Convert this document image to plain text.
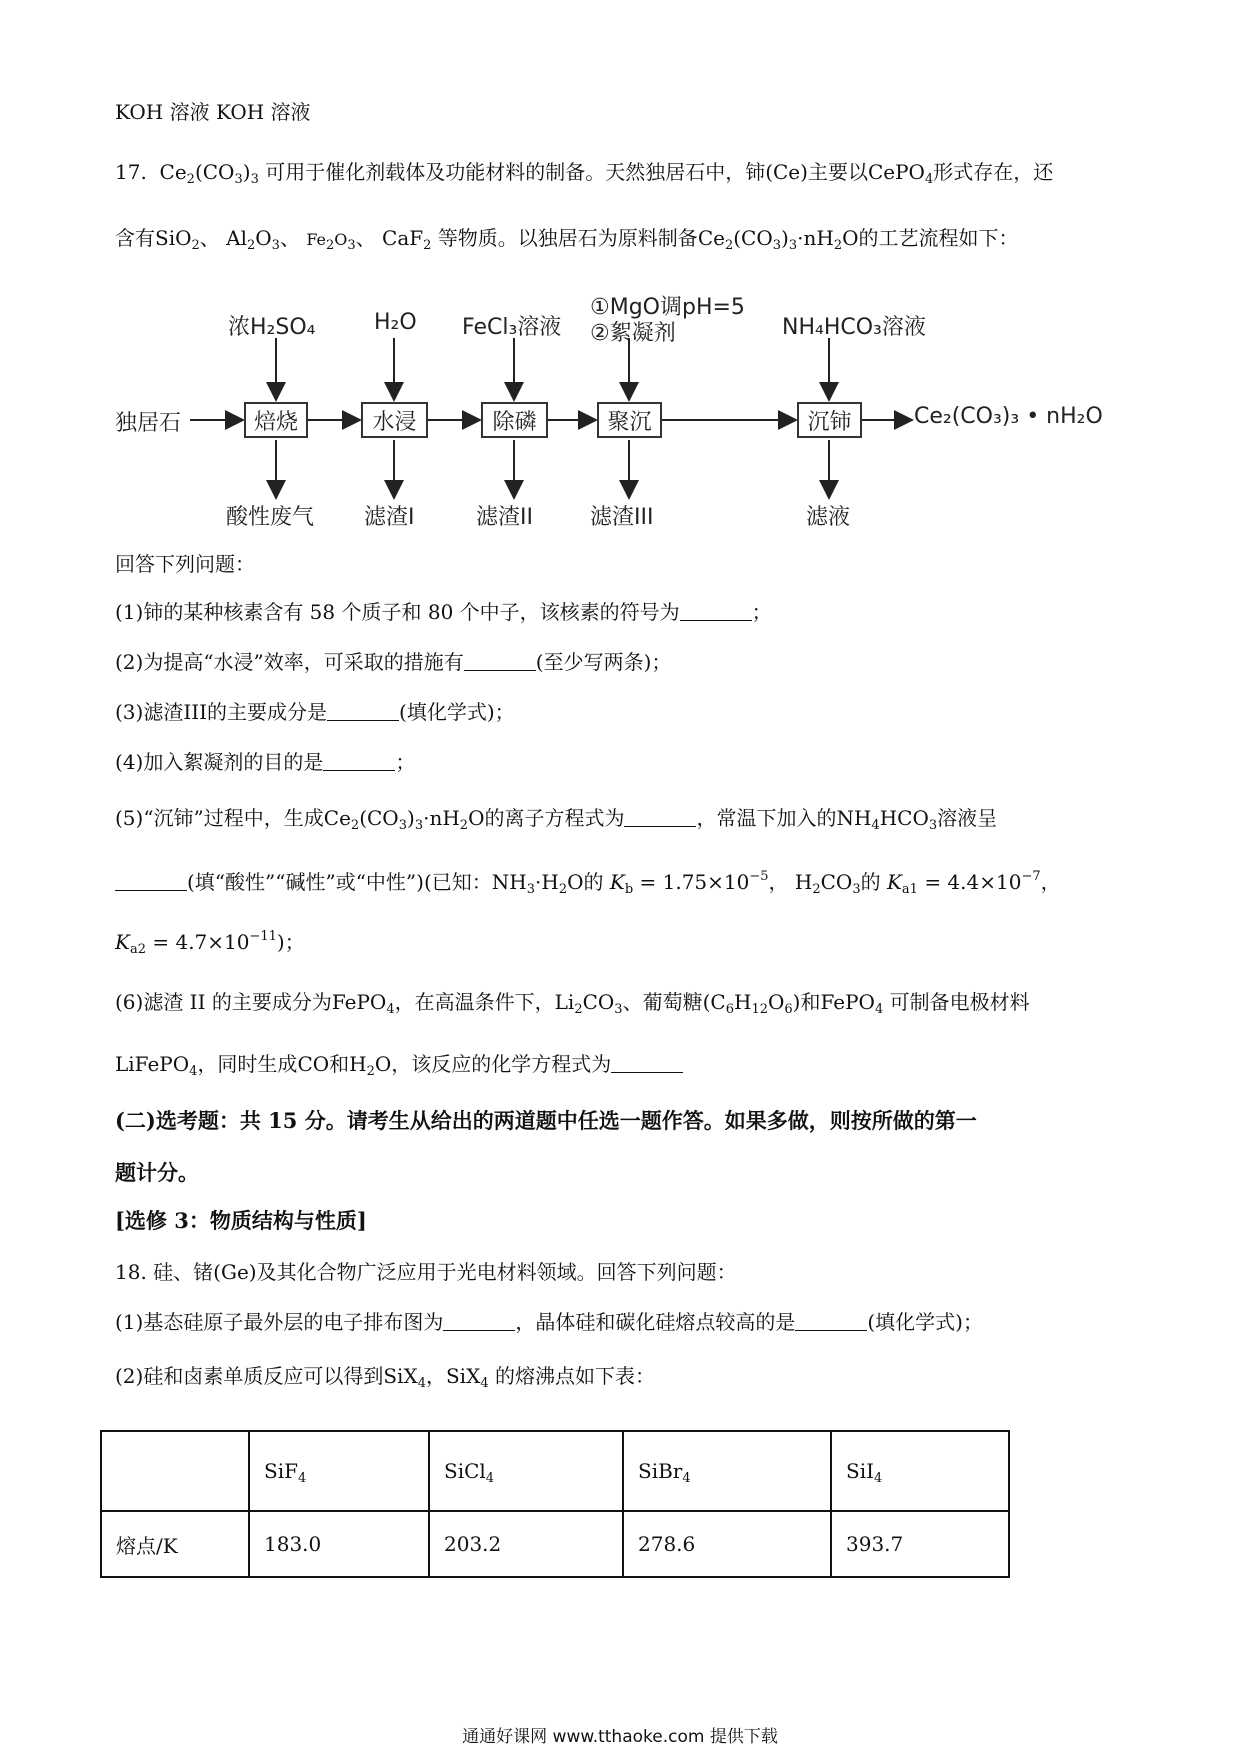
KOH 溶液 KOH 溶液
17. $Ce_2(CO_3)_3$ 可用于催化剂载体及功能材料的制备。天然独居石中，铈(Ce)主要以CePO$_4$形式存在，还
含有SiO$_2$、 $Al_2O_3$、 $Fe_2O_3$、 CaF$_2$ 等物质。以独居石为原料制备$Ce_2(CO_3)_3\cdot nH_2O$的工艺流程如下：
独居石
浓H₂SO₄	H₂O FeCl₃溶液
①MgO调pH=5
②絮凝剂	NH₄HCO₃溶液
焙烧	水浸	除磷	聚沉	沉铈	Ce₂(CO₃)₃ • nH₂O
酸性废气 滤渣I	滤渣II	滤渣III	滤液
回答下列问题：
(1)铈的某种核素含有 58 个质子和 80 个中子，该核素的符号为	；
(2)为提高“水浸”效率，可采取的措施有	(至少写两条)；
(3)滤渣III的主要成分是	(填化学式)；
(4)加入絮凝剂的目的是	；
(5)“沉铈”过程中，生成$Ce_2(CO_3)_3\cdot nH_2O$的离子方程式为	，常温下加入的$NH_4HCO_3$溶液呈
(填“酸性”“碱性”或“中性”)(已知：$NH_3\cdot H_2O$的 $K_b = 1.75\times 10^{-5}$， $H_2CO_3$的 $K_{a1} = 4.4\times 10^{-7}$，
$K_{a2} = 4.7\times 10^{-11}$)；
(6)滤渣 II 的主要成分为FePO$_4$，在高温条件下，$Li_2CO_3$、葡萄糖$(C_6H_{12}O_6)$和FePO$_4$ 可制备电极材料
LiFePO$_4$，同时生成CO和$H_2O$，该反应的化学方程式为
(二)选考题：共 15 分。请考生从给出的两道题中任选一题作答。如果多做，则按所做的第一
题计分。
[选修 3：物质结构与性质]
18. 硅、锗(Ge)及其化合物广泛应用于光电材料领域。回答下列问题：
(1)基态硅原子最外层的电子排布图为	，晶体硅和碳化硅熔点较高的是	(填化学式)；
(2)硅和卤素单质反应可以得到SiX$_4$，SiX$_4$ 的熔沸点如下表：
	SiF$_4$	SiCl$_4$	SiBr$_4$	SiI$_4$
熔点/K	183.0	203.2	278.6	393.7
通通好课网 www.tthaoke.com 提供下载
